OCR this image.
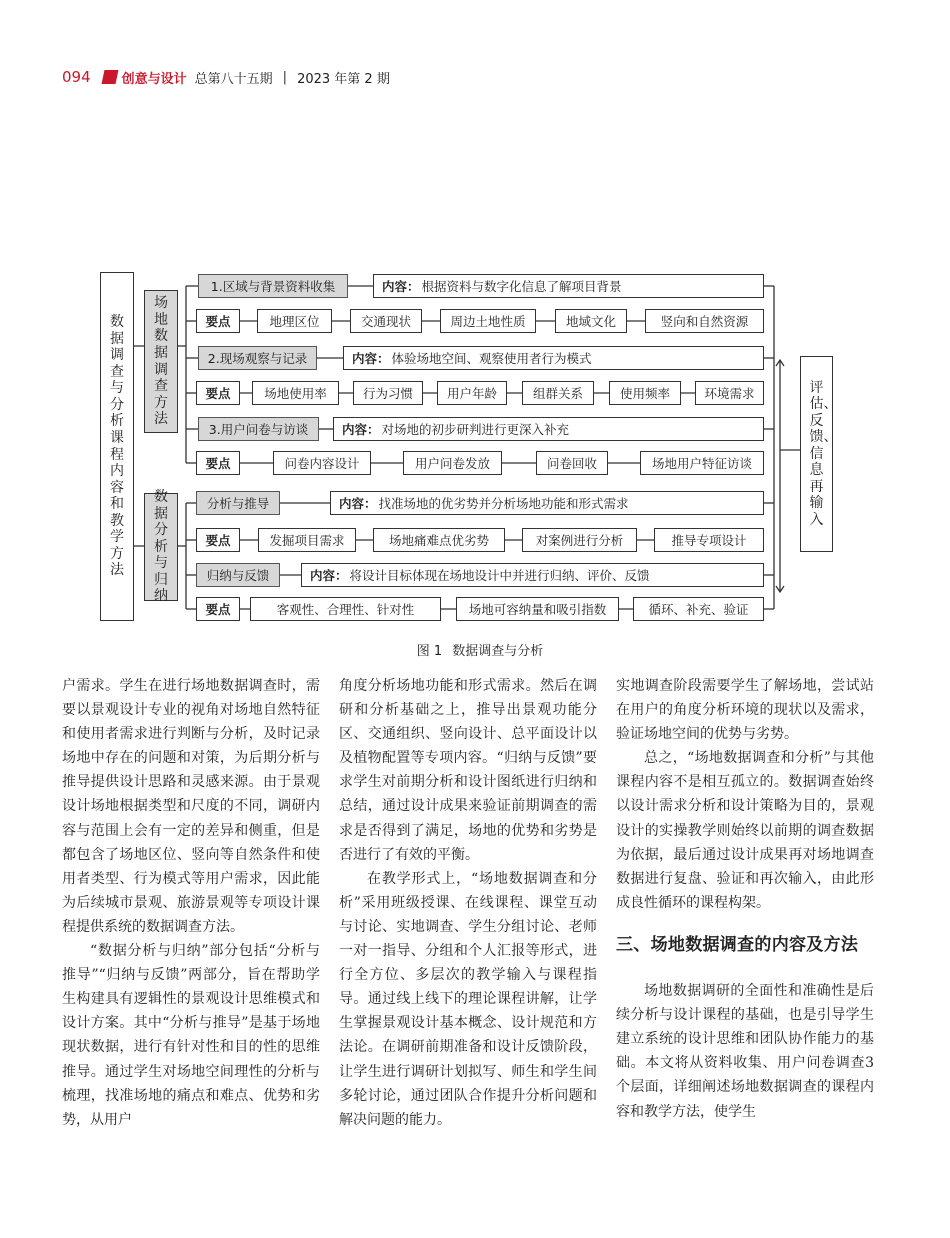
094 创意与设计 总第八十五期 | 2023 年第 2 期
数据调查与分析课程内容和教学方法
场地数据调查方法
数据分析与归纳
评估、反馈、信息再输入
1.区域与背景资料收集	内容： 根据资料与数字化信息了解项目背景
要点	地理区位	交通现状	周边土地性质	地域文化	竖向和自然资源
2.现场观察与记录	内容： 体验场地空间、观察使用者行为模式
要点	场地使用率	行为习惯	用户年龄	组群关系	使用频率	环境需求
3.用户问卷与访谈	内容： 对场地的初步研判进行更深入补充
要点	问卷内容设计	用户问卷发放	问卷回收	场地用户特征访谈
分析与推导	内容： 找准场地的优劣势并分析场地功能和形式需求
要点	发掘项目需求	场地痛难点优劣势	对案例进行分析	推导专项设计
归纳与反馈	内容： 将设计目标体现在场地设计中并进行归纳、评价、反馈
要点	客观性、合理性、针对性	场地可容纳量和吸引指数	循环、补充、验证
图 1 数据调查与分析

户需求。学生在进行场地数据调查时，需要以景观设计专业的视角对场地自然特征和使用者需求进行判断与分析，及时记录场地中存在的问题和对策，为后期分析与推导提供设计思路和灵感来源。由于景观设计场地根据类型和尺度的不同，调研内容与范围上会有一定的差异和侧重，但是都包含了场地区位、竖向等自然条件和使用者类型、行为模式等用户需求，因此能为后续城市景观、旅游景观等专项设计课程提供系统的数据调查方法。

“数据分析与归纳”部分包括“分析与推导”“归纳与反馈”两部分，旨在帮助学生构建具有逻辑性的景观设计思维模式和设计方案。其中“分析与推导”是基于场地现状数据，进行有针对性和目的性的思维推导。通过学生对场地空间理性的分析与梳理，找准场地的痛点和难点、优势和劣势，从用户

角度分析场地功能和形式需求。然后在调研和分析基础之上，推导出景观功能分区、交通组织、竖向设计、总平面设计以及植物配置等专项内容。“归纳与反馈”要求学生对前期分析和设计图纸进行归纳和总结，通过设计成果来验证前期调查的需求是否得到了满足，场地的优势和劣势是否进行了有效的平衡。

在教学形式上，“场地数据调查和分析”采用班级授课、在线课程、课堂互动与讨论、实地调查、学生分组讨论、老师一对一指导、分组和个人汇报等形式，进行全方位、多层次的教学输入与课程指导。通过线上线下的理论课程讲解，让学生掌握景观设计基本概念、设计规范和方法论。在调研前期准备和设计反馈阶段，让学生进行调研计划拟写、师生和学生间多轮讨论，通过团队合作提升分析问题和解决问题的能力。

实地调查阶段需要学生了解场地，尝试站在用户的角度分析环境的现状以及需求，验证场地空间的优势与劣势。

总之，“场地数据调查和分析”与其他课程内容不是相互孤立的。数据调查始终以设计需求分析和设计策略为目的，景观设计的实操教学则始终以前期的调查数据为依据，最后通过设计成果再对场地调查数据进行复盘、验证和再次输入，由此形成良性循环的课程构架。

三、场地数据调查的内容及方法

场地数据调研的全面性和准确性是后续分析与设计课程的基础，也是引导学生建立系统的设计思维和团队协作能力的基础。本文将从资料收集、用户问卷调查3个层面，详细阐述场地数据调查的课程内容和教学方法，使学生
